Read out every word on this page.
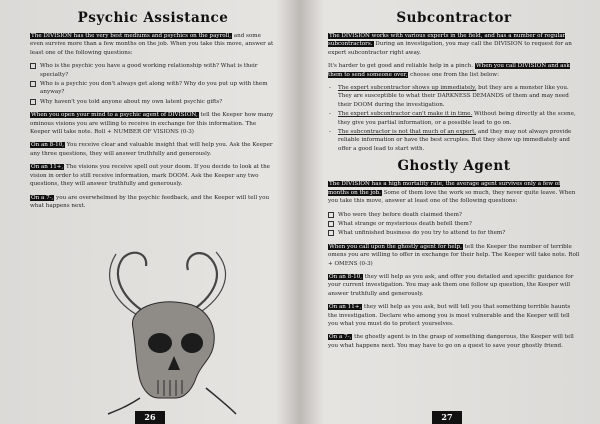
Psychic Assistance

The DIVISION has the very best mediums and psychics on the payroll, and some even survive more than a few months on the job. When you take this move, answer at least one of the following questions:

Who is the psychic you have a good working relationship with? What is their specialty?
Who is a psychic you don't always get along with? Why do you put up with them anyway?
Why haven't you told anyone about my own latent psychic gifts?

When you open your mind to a psychic agent of DIVISION, tell the Keeper how many ominous visions you are willing to receive in exchange for this information. The Keeper will take note. Roll + NUMBER OF VISIONS (0-3)

On an 8-10, You receive clear and valuable insight that will help you. Ask the Keeper any three questions, they will answer truthfully and generously.

On an 11+, The visions you receive spell out your doom. If you decide to look at the vision in order to still receive information, mark DOOM. Ask the Keeper any two questions, they will answer truthfully and generously.

On a 7-, you are overwhelmed by the psychic feedback, and the Keeper will tell you what happens next.

26
Subcontractor

The DIVISION works with various experts in the field, and has a number of regular subcontractors. During an investigation, you may call the DIVISION to request for an expert subcontractor right away.

It's harder to get good and reliable help in a pinch. When you call DIVISION and ask them to send someone over, choose one from the list below:

- The expert subcontractor shows up immediately, but they are a monster like you. They are susceptible to what their DARKNESS DEMANDS of them and may need their DOOM during the investigation.
- The expert subcontractor can't make it in time. Without being directly at the scene, they give you partial information, or a possible lead to go on.
- The subcontractor is not that much of an expert, and they may not always provide reliable information or have the best scruples. But they show up immediately and offer a good lead to start with.
Ghostly Agent

The DIVISION has a high mortality rate, the average agent survives only a few of months on the job. Some of them love the work so much, they never quite leave. When you take this move, answer at least one of the following questions:

Who were they before death claimed them?
What strange or mysterious death befell them?
What unfinished business do you try to attend to for them?

When you call upon the ghostly agent for help, tell the Keeper the number of terrible omens you are willing to offer in exchange for their help. The Keeper will take note. Roll + OMENS (0-3)

On an 8-10, they will help as you ask, and offer you detailed and specific guidance for your current investigation. You may ask them one follow up question, the Keeper will answer truthfully and generously.

On an 11+, they will help as you ask, but will tell you that something terrible haunts the investigation. Declare who among you is most vulnerable and the Keeper will tell you what you must do to protect yourselves.

On a 7-, the ghostly agent is in the grasp of something dangerous, the Keeper will tell you what happens next. You may have to go on a quest to save your ghostly friend.

27
